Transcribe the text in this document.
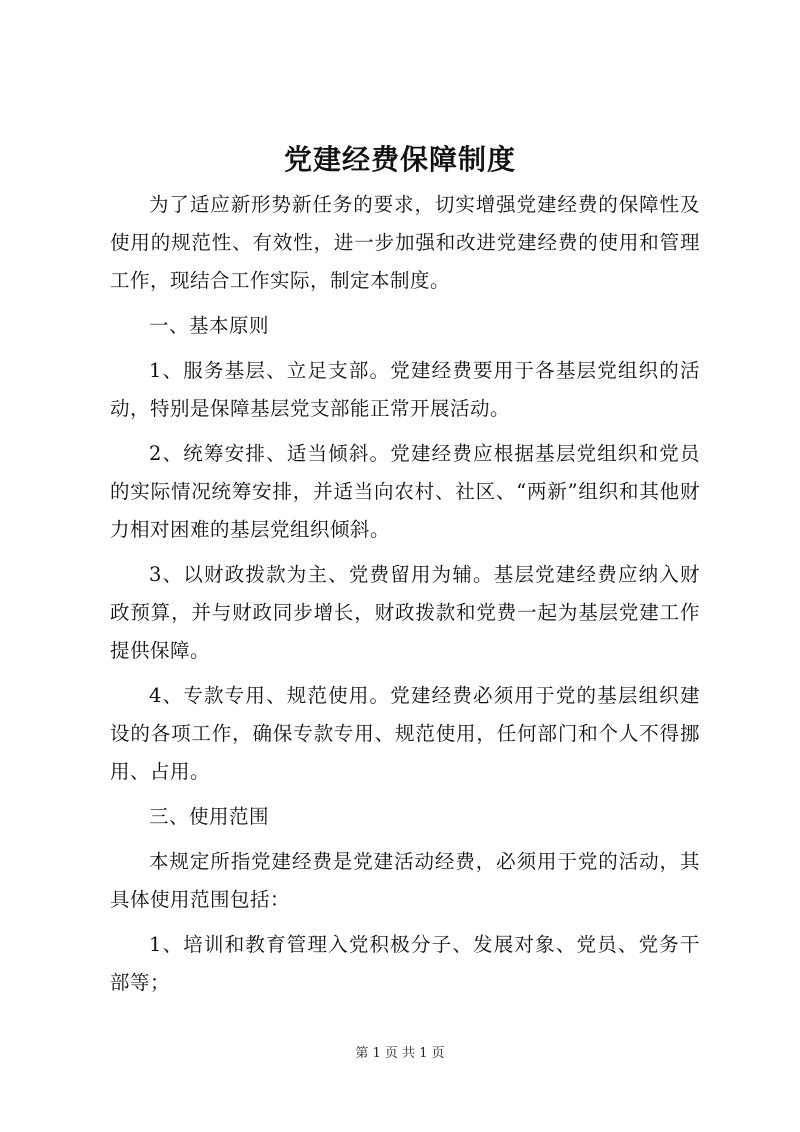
党建经费保障制度

为了适应新形势新任务的要求，切实增强党建经费的保障性及使用的规范性、有效性，进一步加强和改进党建经费的使用和管理工作，现结合工作实际，制定本制度。

一、基本原则

1、服务基层、立足支部。党建经费要用于各基层党组织的活动，特别是保障基层党支部能正常开展活动。

2、统筹安排、适当倾斜。党建经费应根据基层党组织和党员的实际情况统筹安排，并适当向农村、社区、“两新”组织和其他财力相对困难的基层党组织倾斜。

3、以财政拨款为主、党费留用为辅。基层党建经费应纳入财政预算，并与财政同步增长，财政拨款和党费一起为基层党建工作提供保障。

4、专款专用、规范使用。党建经费必须用于党的基层组织建设的各项工作，确保专款专用、规范使用，任何部门和个人不得挪用、占用。

三、使用范围

本规定所指党建经费是党建活动经费，必须用于党的活动，其具体使用范围包括：

1、培训和教育管理入党积极分子、发展对象、党员、党务干部等；

第 1 页 共 1 页
